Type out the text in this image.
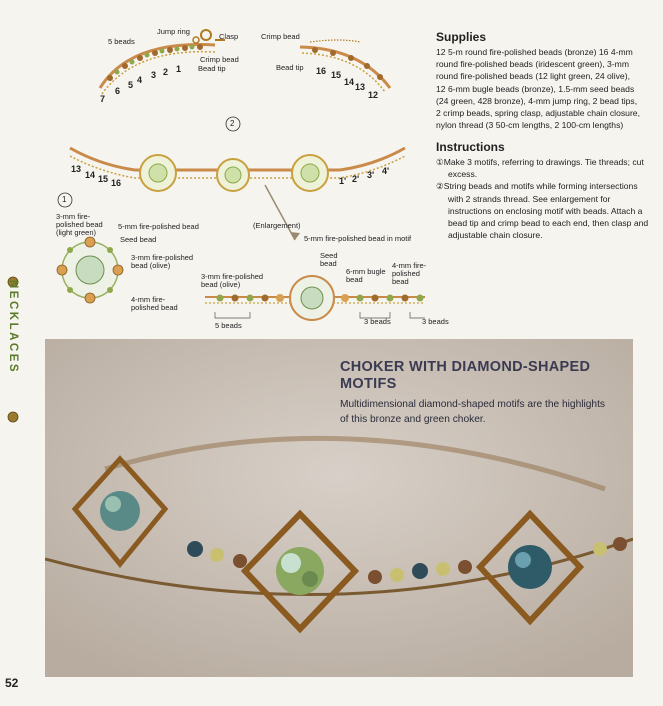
NECKLACES
5 beads
Jump ring
Clasp
Crimp bead
Bead tip
Crimp bead
Bead tip
7
6
5 4 3 2 1	16 15
14 13
12
2
13
14 15 16	1' 2' 3' 4'
1
3-mm fire-polished bead (light green)
5-mm fire-polished bead
Seed bead
3-mm fire-polished bead (olive)
4-mm fire-polished bead
(Enlargement)
5-mm fire-polished bead in motif
Seed bead
6-mm bugle bead
3-mm fire-polished bead (olive)
4-mm fire-polished bead
5 beads	3 beads	3 beads
Supplies

12 5-m round fire-polished beads (bronze) 16 4-mm

round fire-polished beads (iridescent green), 3-mm

round fire-polished beads (12 light green, 24 olive),

12 6-mm bugle beads (bronze), 1.5-mm seed beads

(24 green, 428 bronze), 4-mm jump ring, 2 bead tips,

2 crimp beads, spring clasp, adjustable chain closure,

nylon thread (3 50-cm lengths, 2 100-cm lengths)

Instructions

①Make 3 motifs, referring to drawings. Tie threads; cut excess.

②String beads and motifs while forming intersections with 2 strands thread. See enlargement for instructions on enclosing motif with beads. Attach a bead tip and crimp bead to each end, then clasp and adjustable chain closure.

CHOKER WITH DIAMOND-SHAPED MOTIFS
Multidimensional diamond-shaped motifs are the highlights of this bronze and green choker.
52
